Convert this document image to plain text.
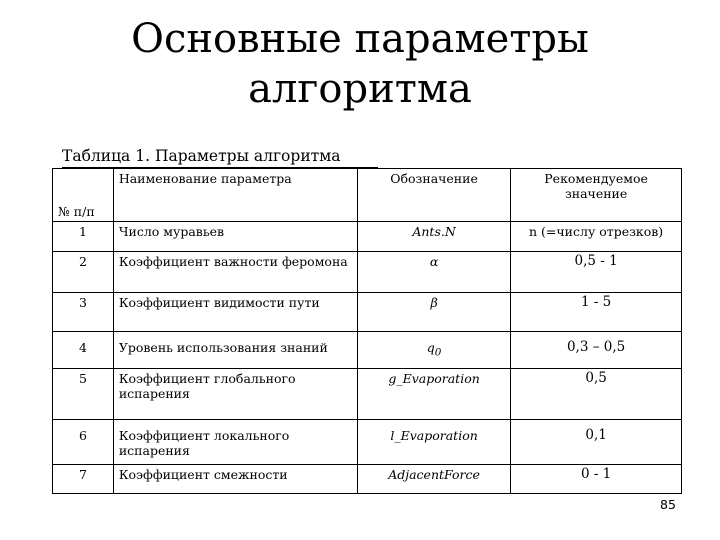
Основные параметры
алгоритма
Таблица 1. Параметры алгоритма
№ п/п	Наименование параметра	Обозначение	Рекомендуемое значение
1	Число муравьев	Ants.N	n (=числу отрезков)
2	Коэффициент важности феромона	α	0,5 - 1
3	Коэффициент видимости пути	β	1 - 5
4	Уровень использования знаний	$q_0$	0,3 – 0,5
5	Коэффициент глобального испарения	g_Evaporation	0,5
6	Коэффициент локального испарения	l_Evaporation	0,1
7	Коэффициент смежности	AdjacentForce	0 - 1
85
